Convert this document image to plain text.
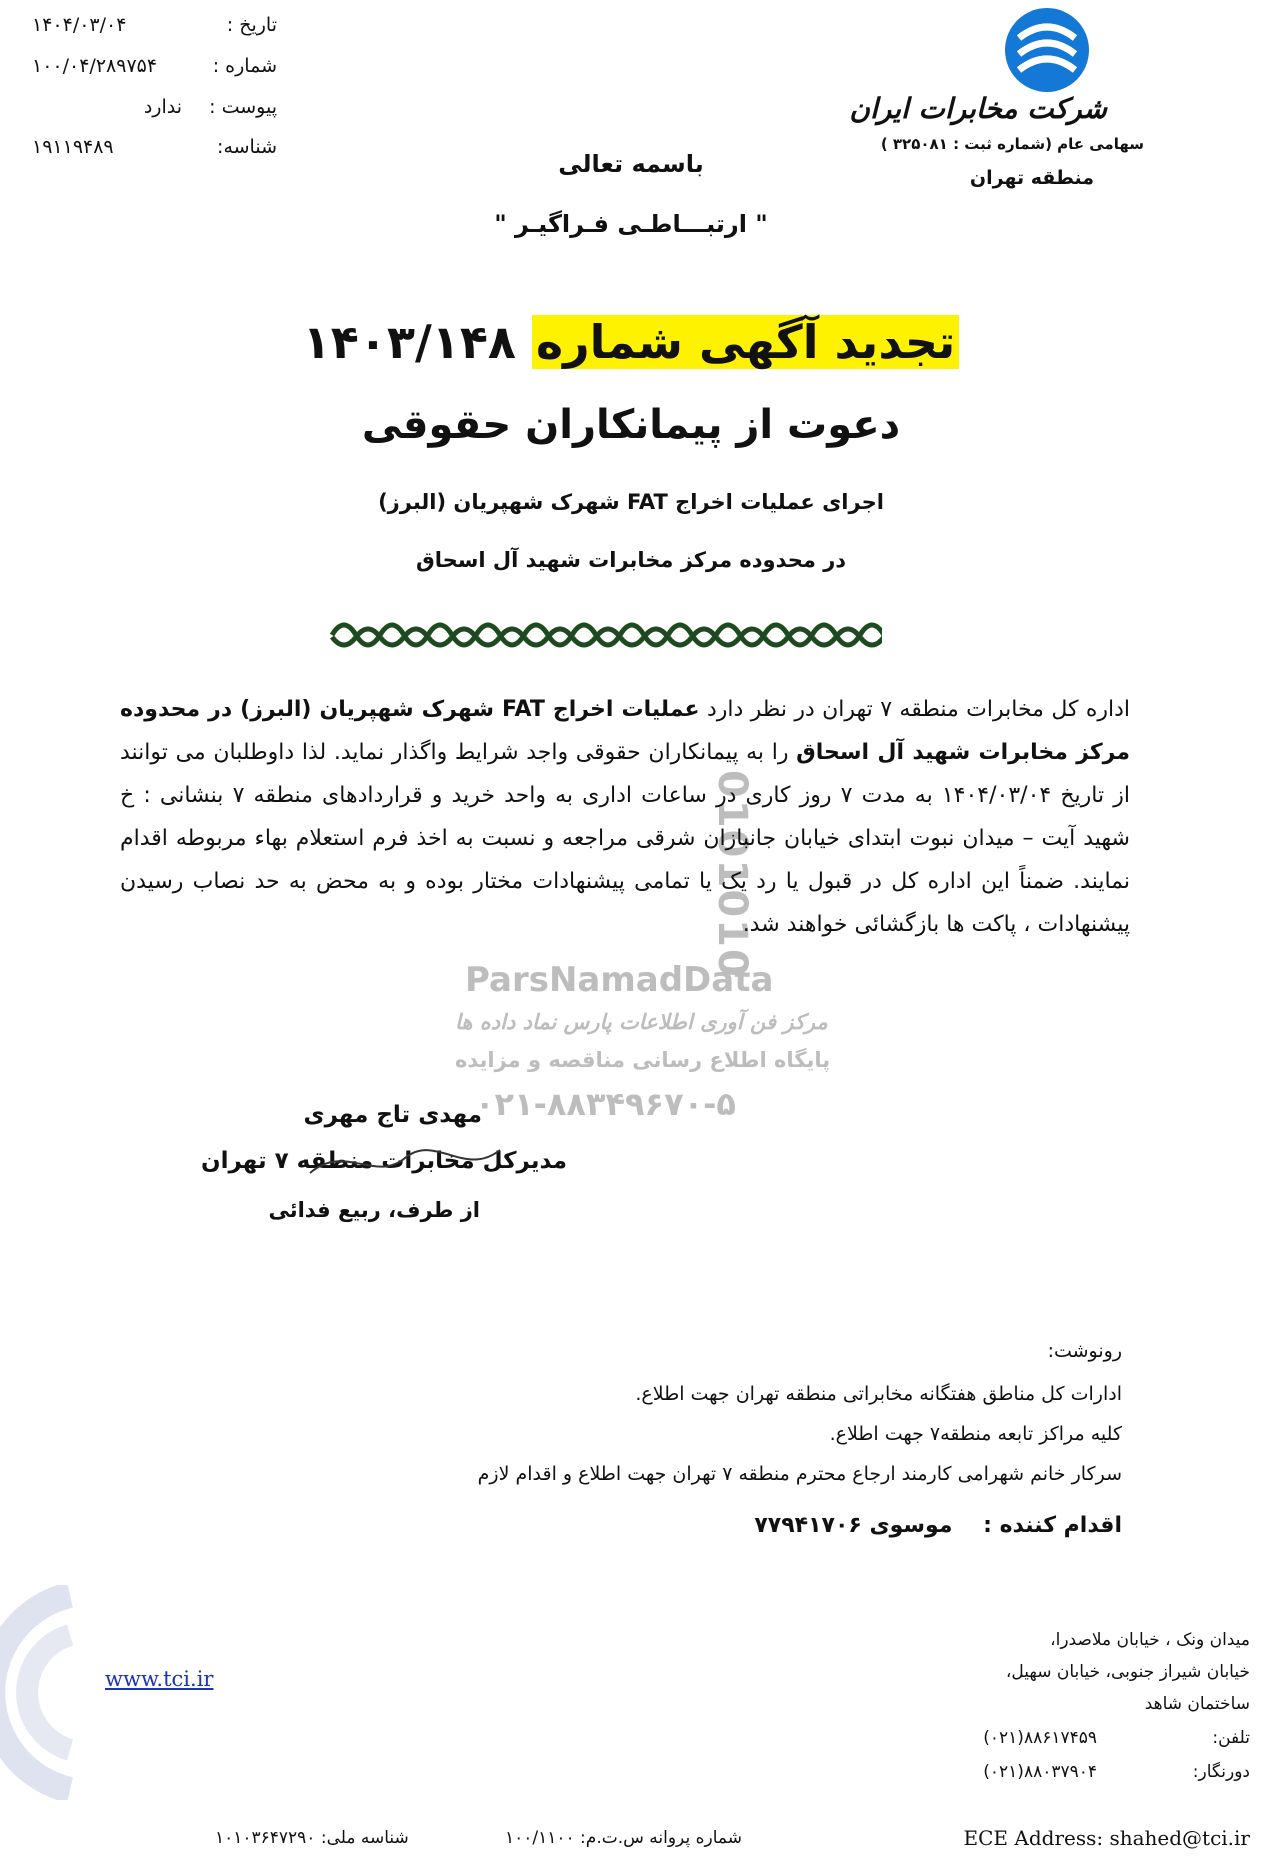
تاریخ :
۱۴۰۴/۰۳/۰۴
شماره :
۱۰۰/۰۴/۲۸۹۷۵۴
پیوست :
ندارد
شناسه:
۱۹۱۱۹۴۸۹
شرکت مخابرات ایران
سهامی عام (شماره ثبت : ۳۲۵۰۸۱ )
منطقه تهران
باسمه تعالی
" ارتبـــاطـی فـراگیـر "
تجدید آگهی شماره ۱۴۰۳/۱۴۸
دعوت از پیمانکاران حقوقی
اجرای عملیات اخراج FAT شهرک شهپریان (البرز)
در محدوده مرکز مخابرات شهید آل اسحاق
0101010
ParsNamadData
مرکز فن آوری اطلاعات پارس نماد داده ها
پایگاه اطلاع رسانی مناقصه و مزایده
۰۲۱-۸۸۳۴۹۶۷۰-۵
اداره کل مخابرات منطقه ۷ تهران در نظر دارد عملیات اخراج FAT شهرک شهپریان (البرز) در محدوده مرکز مخابرات شهید آل اسحاق را به پیمانکاران حقوقی واجد شرایط واگذار نماید. لذا داوطلبان می توانند از تاریخ ۱۴۰۴/۰۳/۰۴ به مدت ۷ روز کاری در ساعات اداری به واحد خرید و قراردادهای منطقه ۷ بنشانی : خ شهید آیت – میدان نبوت ابتدای خیابان جانبازان شرقی مراجعه و نسبت به اخذ فرم استعلام بهاء مربوطه اقدام نمایند. ضمناً این اداره کل در قبول یا رد یک یا تمامی پیشنهادات مختار بوده و به محض به حد نصاب رسیدن پیشنهادات ، پاکت ها بازگشائی خواهند شد.
مهدی تاج مهری
مدیرکل مخابرات منطقه ۷ تهران
از طرف، ربیع فدائی
رونوشت:
ادارات کل مناطق هفتگانه مخابراتی منطقه تهران جهت اطلاع.
کلیه مراکز تابعه منطقه۷ جهت اطلاع.
سرکار خانم شهرامی کارمند ارجاع محترم منطقه ۷ تهران جهت اطلاع و اقدام لازم
اقدام کننده :    موسوی ۷۷۹۴۱۷۰۶
www.tci.ir
میدان ونک ، خیابان ملاصدرا،
خیابان شیراز جنوبی، خیابان سهیل،
ساختمان شاهد
تلفن:
(۰۲۱)۸۸۶۱۷۴۵۹
دورنگار:
(۰۲۱)۸۸۰۳۷۹۰۴
شناسه ملی: ۱۰۱۰۳۶۴۷۲۹۰	شماره پروانه س.ت.م: ۱۰۰/۱۱۰۰	ECE Address: shahed@tci.ir
